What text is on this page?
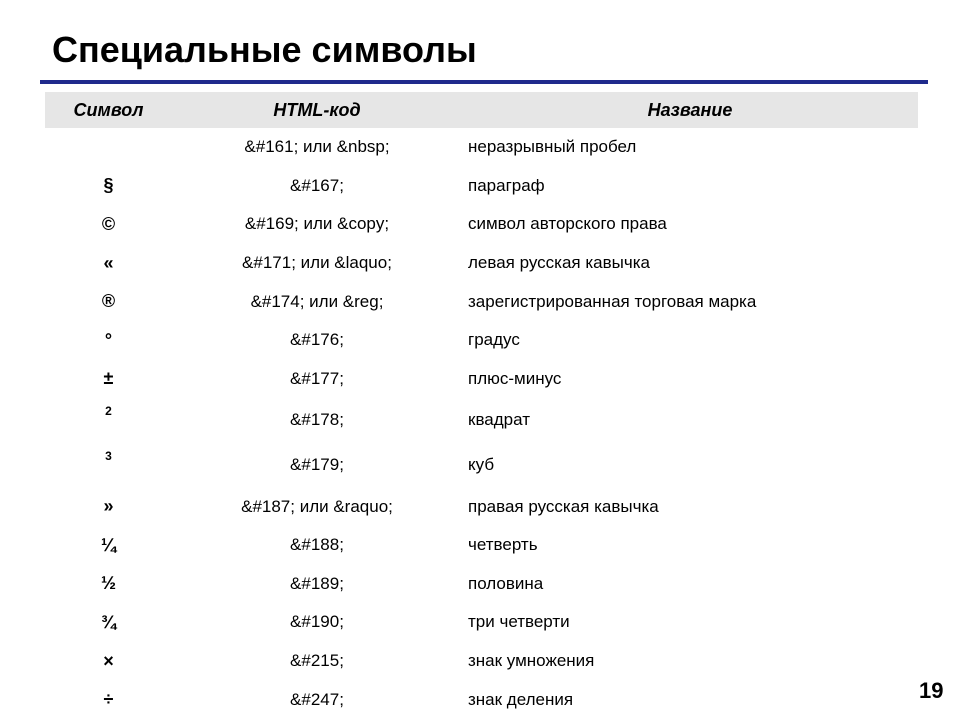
Специальные символы
Символ	HTML-код	Название
	&#161; или &nbsp;	неразрывный пробел
§	&#167;	параграф
©	&#169; или &copy;	символ авторского права
«	&#171; или &laquo;	левая русская кавычка
®	&#174; или &reg;	зарегистрированная торговая марка
°	&#176;	градус
±	&#177;	плюс-минус
2	&#178;	квадрат
3	&#179;	куб
»	&#187; или &raquo;	правая русская кавычка
¼	&#188;	четверть
½	&#189;	половина
¾	&#190;	три четверти
×	&#215;	знак умножения
÷	&#247;	знак деления	19
